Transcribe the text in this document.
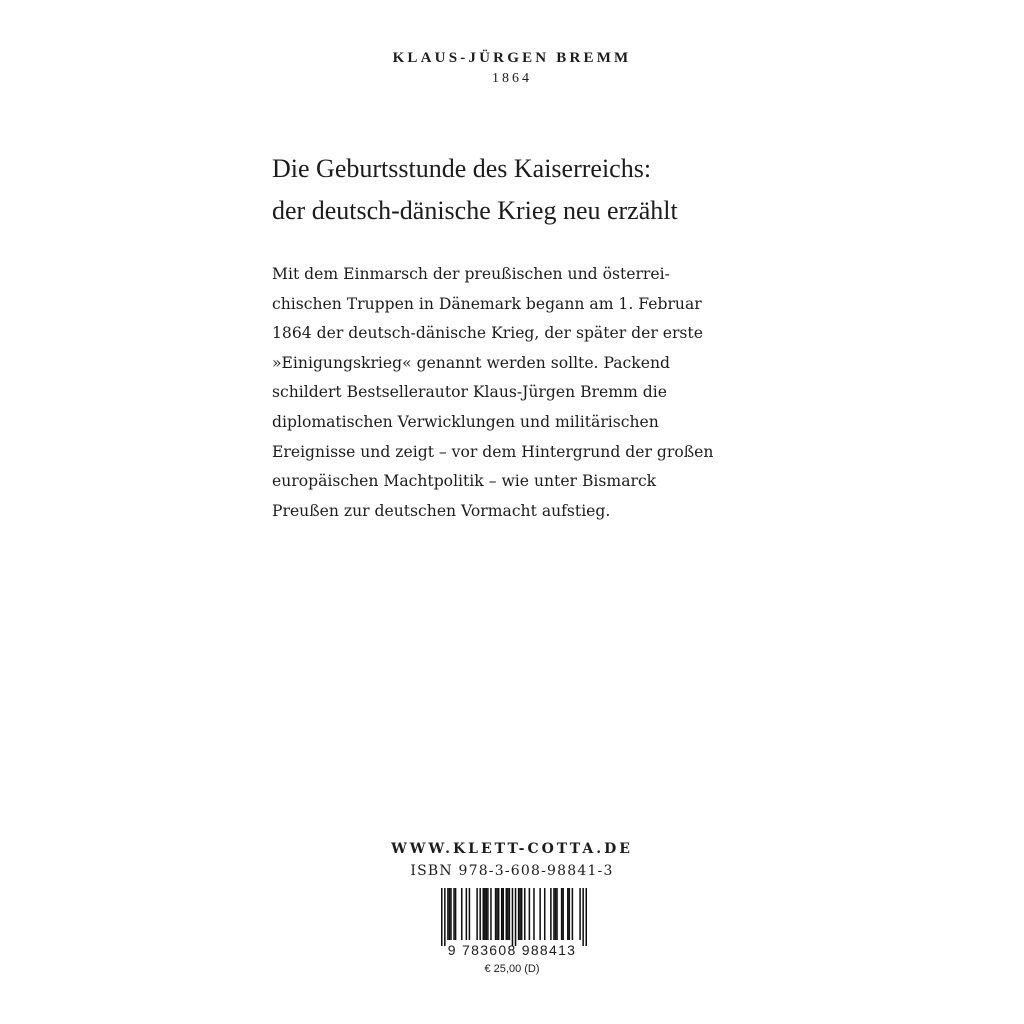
KLAUS-JÜRGEN BREMM
1864
Die Geburtsstunde des Kaiserreichs:
der deutsch-dänische Krieg neu erzählt
Mit dem Einmarsch der preußischen und österrei-
chischen Truppen in Dänemark begann am 1. Februar
1864 der deutsch-dänische Krieg, der später der erste
»Einigungskrieg« genannt werden sollte. Packend
schildert Bestsellerautor Klaus-Jürgen Bremm die
diplomatischen Verwicklungen und militärischen
Ereignisse und zeigt – vor dem Hintergrund der großen
europäischen Machtpolitik – wie unter Bismarck
Preußen zur deutschen Vormacht aufstieg.
WWW.KLETT-COTTA.DE
ISBN 978-3-608-98841-3
9 783608 988413
€ 25,00 (D)
